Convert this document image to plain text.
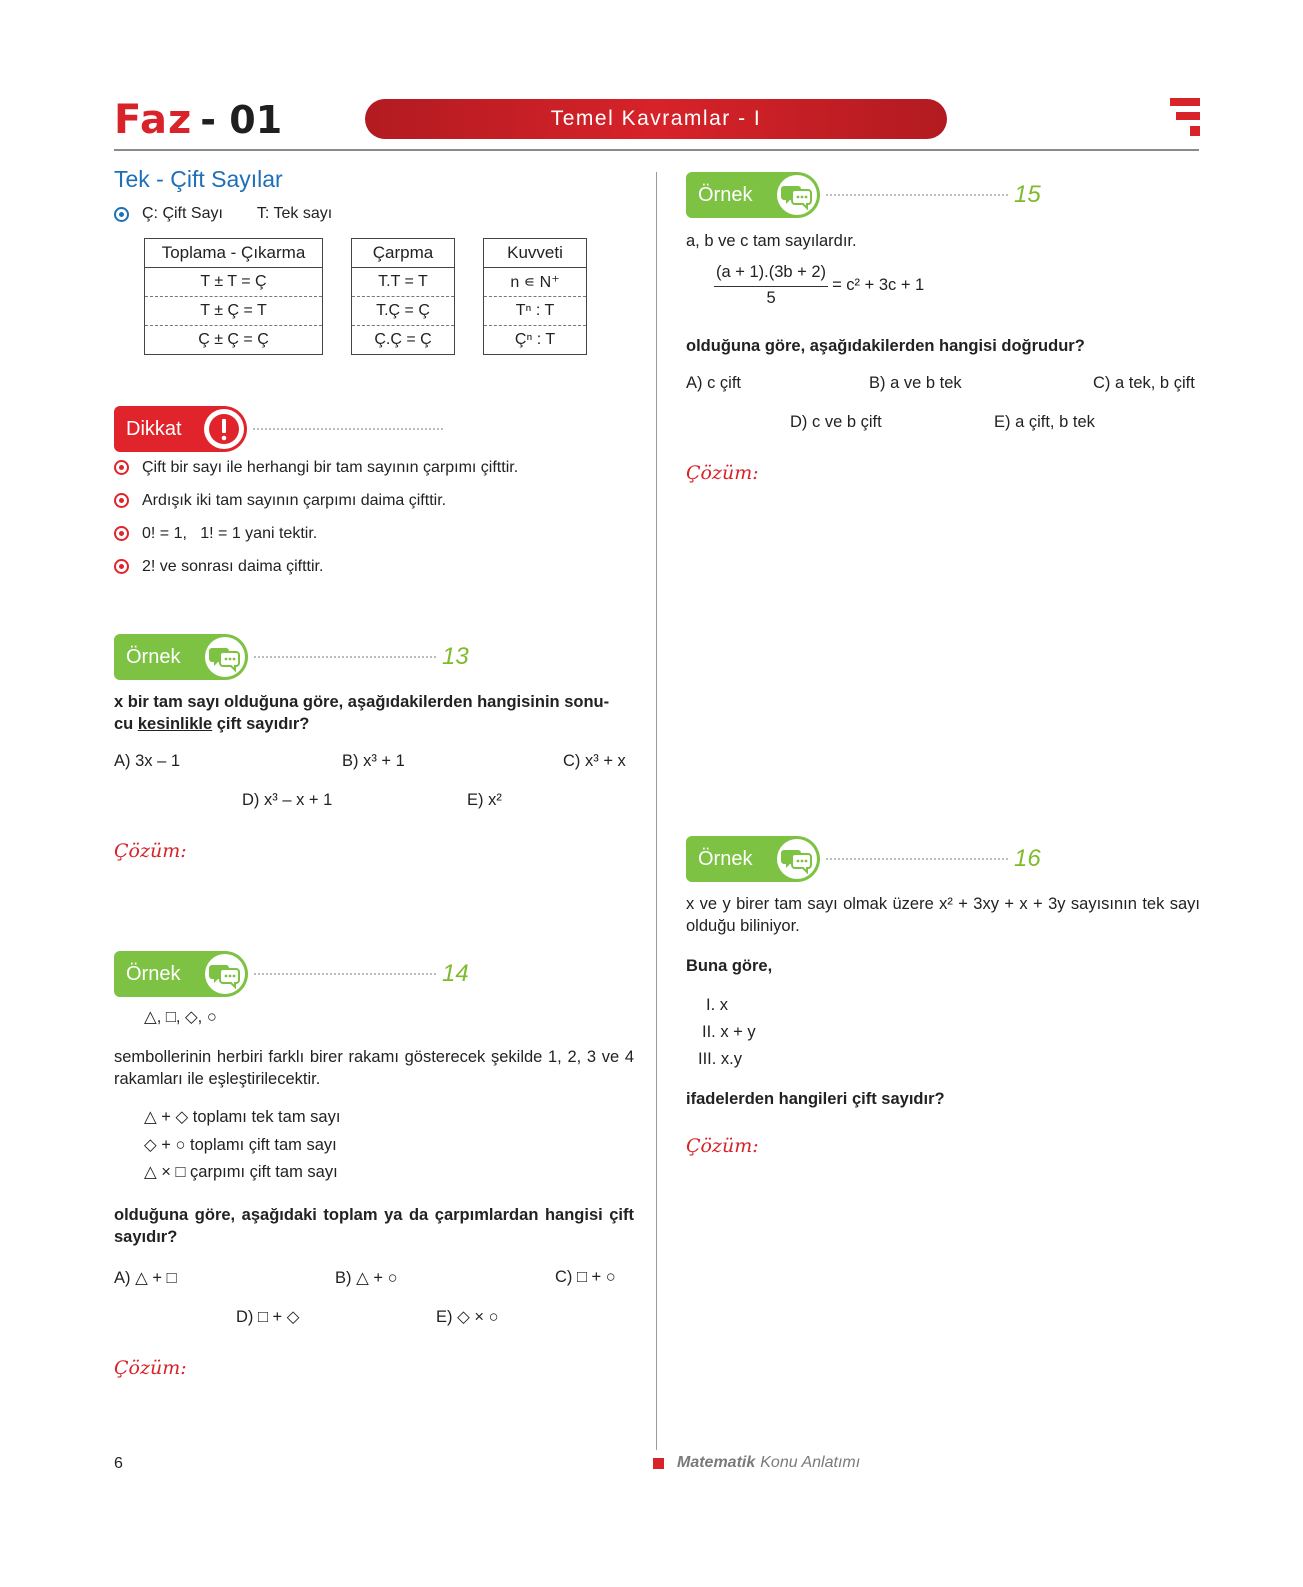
Faz - 01	Temel Kavramlar - I
Tek - Çift Sayılar
Ç: Çift Sayı T: Tek sayı
Toplama - Çıkarma
T ± T = Ç
T ± Ç = T
Ç ± Ç = Ç
Çarpma
T.T = T
T.Ç = Ç
Ç.Ç = Ç
Kuvveti
n ∊ N⁺
Tⁿ : T
Çⁿ : T
Dikkat
Çift bir sayı ile herhangi bir tam sayının çarpımı çifttir.
Ardışık iki tam sayının çarpımı daima çifttir.
0! = 1,   1! = 1 yani tektir.
2! ve sonrası daima çifttir.
Örnek	13
x bir tam sayı olduğuna göre, aşağıdakilerden hangisinin sonu-
cu kesinlikle çift sayıdır?
A) 3x – 1	B) x³ + 1	C) x³ + x
D) x³ – x + 1	E) x²
Çözüm:
Örnek	14
△, □, ◇, ○
sembollerinin herbiri farklı birer rakamı gösterecek şekilde 1, 2, 3 ve 4 rakamları ile eşleştirilecektir.
△ + ◇ toplamı tek tam sayı
◇ + ○ toplamı çift tam sayı
△ × □ çarpımı çift tam sayı
olduğuna göre, aşağıdaki toplam ya da çarpımlardan hangisi çift sayıdır?
A) △ + □	B) △ + ○	C) □ + ○
D) □ + ◇	E) ◇ × ○
Çözüm:
Örnek	15
a, b ve c tam sayılardır.
$\frac{(a + 1).(3b + 2)}{5} = c^2 + 3c + 1$
olduğuna göre, aşağıdakilerden hangisi doğrudur?
A) c çift	B) a ve b tek	C) a tek, b çift
D) c ve b çift	E) a çift, b tek
Çözüm:
Örnek	16
x ve y birer tam sayı olmak üzere x² + 3xy + x + 3y sayısının tek sayı olduğu biliniyor.
Buna göre,
I. x
II. x + y
III. x.y
ifadelerden hangileri çift sayıdır?
Çözüm:
6	Matematik Konu Anlatımı
